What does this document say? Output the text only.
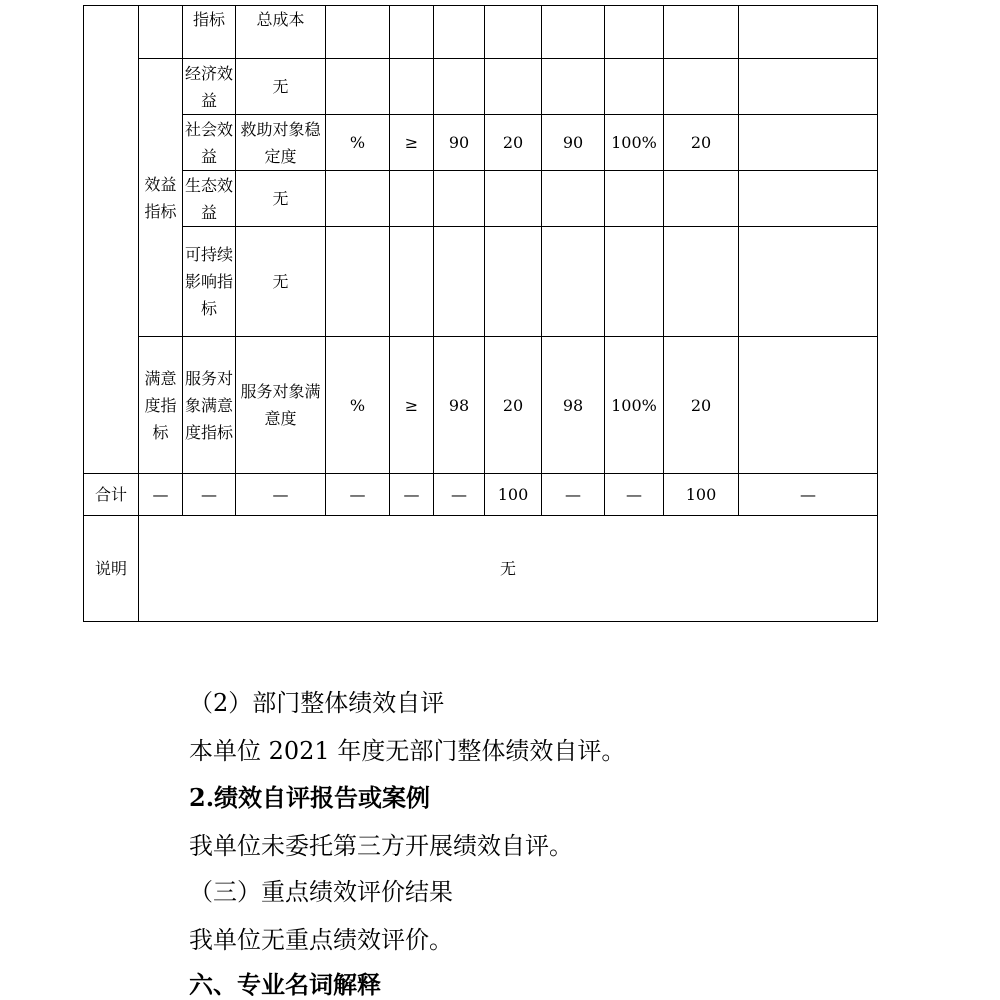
		指标	总成本								
	效益指标	经济效益	无								
		社会效益	救助对象稳定度	%	≥	90	20	90	100%	20	
		生态效益	无								
		可持续影响指标	无								
	满意度指标	服务对象满意度指标	服务对象满意度	%	≥	98	20	98	100%	20	

合计	—	—	—	—	—	—	100	—	—	100	—
说明	无										
（2）部门整体绩效自评
本单位 2021 年度无部门整体绩效自评。
2.绩效自评报告或案例
我单位未委托第三方开展绩效自评。
（三）重点绩效评价结果
我单位无重点绩效评价。
六、专业名词解释
